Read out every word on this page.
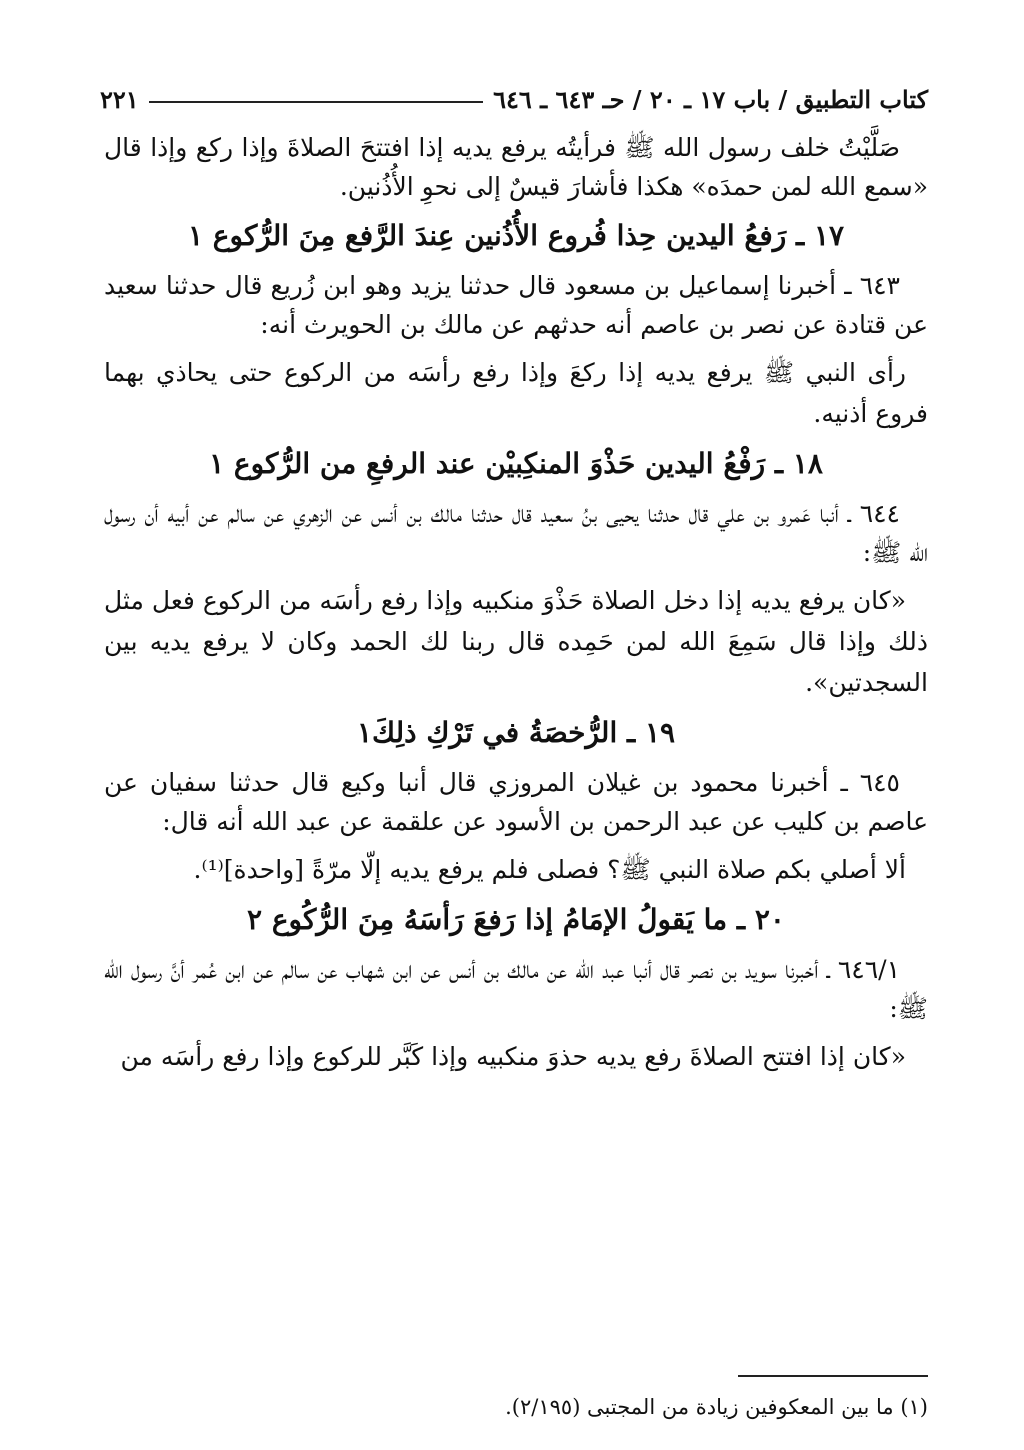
كتاب التطبيق / باب ١٧ ـ ٢٠ / حـ ٦٤٣ ـ ٦٤٦
٢٢١

صَلَّيْتُ خلف رسول الله ﷺ فرأيتُه يرفع يديه إذا افتتحَ الصلاةَ وإذا ركع وإذا قال «سمع الله لمن حمدَه» هكذا فأشارَ قيسٌ إلى نحوِ الأُذُنين.

١٧ ـ رَفعُ اليدين حِذا فُروع الأُذُنين عِندَ الرَّفع مِنَ الرُّكوع ١

٦٤٣ ـ أخبرنا إسماعيل بن مسعود قال حدثنا يزيد وهو ابن زُريع قال حدثنا سعيد عن قتادة عن نصر بن عاصم أنه حدثهم عن مالك بن الحويرث أنه:

رأى النبي ﷺ يرفع يديه إذا ركعَ وإذا رفع رأسَه من الركوع حتى يحاذي بهما فروع أذنيه.

١٨ ـ رَفْعُ اليدين حَذْوَ المنكِبيْن عند الرفعِ من الرُّكوع ١

٦٤٤ ـ أنبا عَمرو بن علي قال حدثنا يحيى بنُ سعيد قال حدثنا مالك بن أنس عن الزهري عن سالم عن أبيه أن رسول الله ﷺ:

«كان يرفع يديه إذا دخل الصلاة حَذْوَ منكبيه وإذا رفع رأسَه من الركوع فعل مثل ذلك وإذا قال سَمِعَ الله لمن حَمِده قال ربنا لك الحمد وكان لا يرفع يديه بين السجدتين».

١٩ ـ الرُّخصَةُ في تَرْكِ ذلِكَ١

٦٤٥ ـ أخبرنا محمود بن غيلان المروزي قال أنبا وكيع قال حدثنا سفيان عن عاصم بن كليب عن عبد الرحمن بن الأسود عن علقمة عن عبد الله أنه قال:

ألا أصلي بكم صلاة النبي ﷺ؟ فصلى فلم يرفع يديه إلّا مرّةً [واحدة]⁽¹⁾.

٢٠ ـ ما يَقولُ الإمَامُ إذا رَفعَ رَأسَهُ مِنَ الرُّكُوع ٢

٦٤٦/١ ـ أخبرنا سويد بن نصر قال أنبا عبد الله عن مالك بن أنس عن ابن شهاب عن سالم عن ابن عُمر أنَّ رسول الله ﷺ:

«كان إذا افتتح الصلاةَ رفع يديه حذوَ منكبيه وإذا كَبَّر للركوع وإذا رفع رأسَه من

(١) ما بين المعكوفين زيادة من المجتبى (٢/١٩٥).
